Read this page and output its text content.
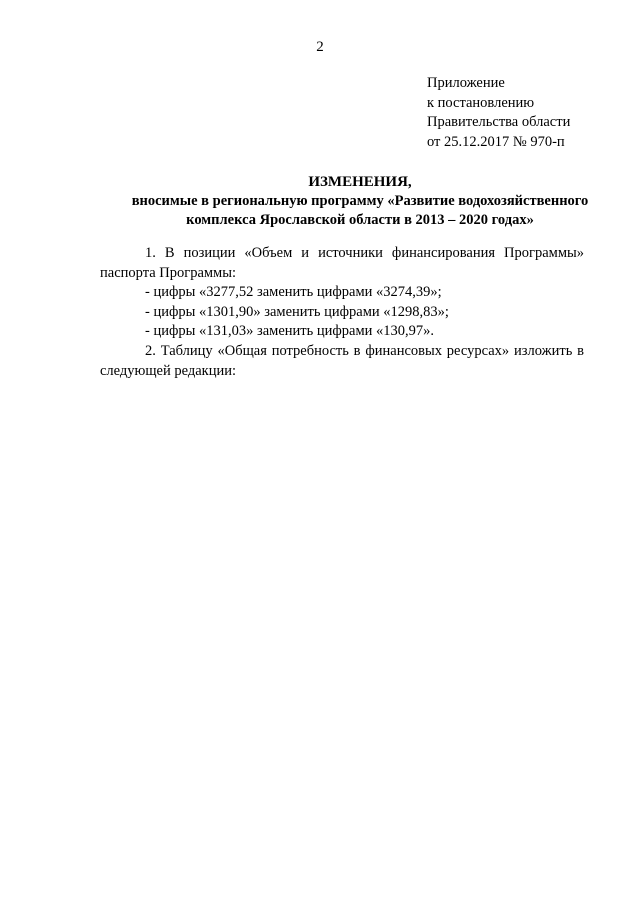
2
Приложение
к постановлению
Правительства области
от 25.12.2017 № 970-п
ИЗМЕНЕНИЯ,
вносимые в региональную программу «Развитие водохозяйственного
комплекса Ярославской области в 2013 – 2020 годах»
1. В позиции «Объем и источники финансирования Программы» паспорта Программы:
- цифры «3277,52 заменить цифрами «3274,39»;
- цифры «1301,90» заменить цифрами «1298,83»;
- цифры «131,03» заменить цифрами «130,97».
2. Таблицу «Общая потребность в финансовых ресурсах» изложить в следующей редакции:
